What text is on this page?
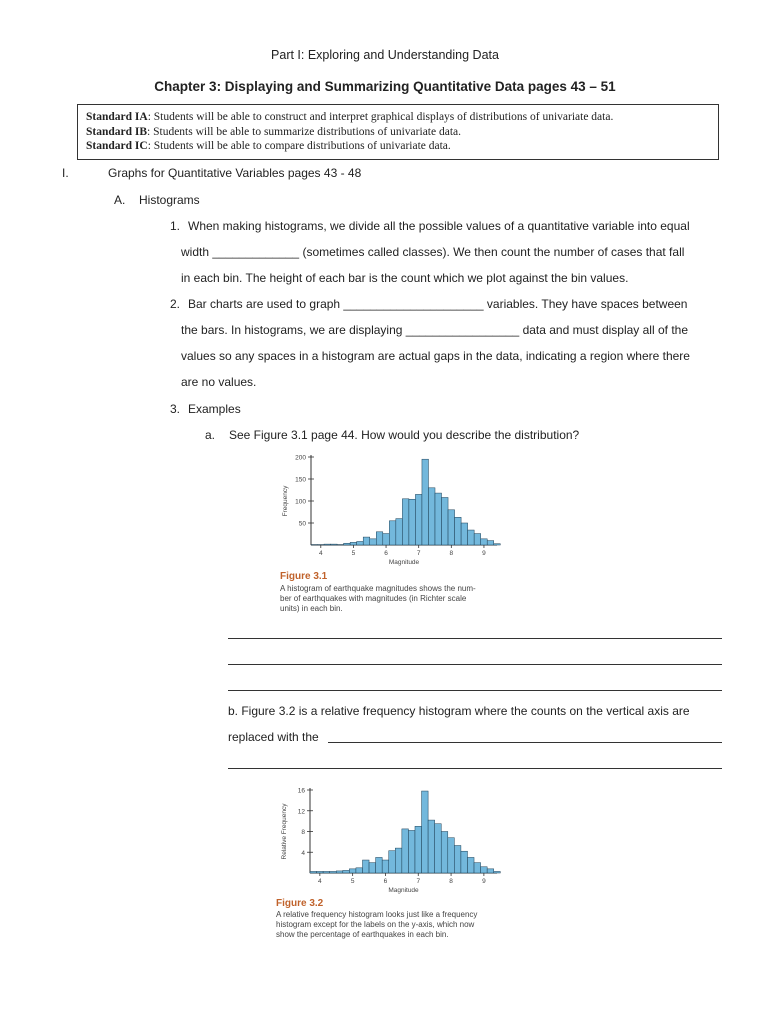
Part I: Exploring and Understanding Data
Chapter 3: Displaying and Summarizing Quantitative Data pages 43 – 51
Standard IA: Students will be able to construct and interpret graphical displays of distributions of univariate data.
Standard IB: Students will be able to summarize distributions of univariate data.
Standard IC: Students will be able to compare distributions of univariate data.
I.	Graphs for Quantitative Variables pages 43 - 48
A. Histograms
1. When making histograms, we divide all the possible values of a quantitative variable into equal
width _____________ (sometimes called classes). We then count the number of cases that fall
in each bin. The height of each bar is the count which we plot against the bin values.
2. Bar charts are used to graph _____________________ variables. They have spaces between
the bars. In histograms, we are displaying _________________ data and must display all of the
values so any spaces in a histogram are actual gaps in the data, indicating a region where there
are no values.
3. Examples
a. See Figure 3.1 page 44. How would you describe the distribution?
50
100
150
200
4	5	6	7	8	9
Magnitude
Frequency
Figure 3.1
A histogram of earthquake magnitudes shows the num-
ber of earthquakes with magnitudes (in Richter scale
units) in each bin.
b. Figure 3.2 is a relative frequency histogram where the counts on the vertical axis are
replaced with the
4
8
12
16
4	5	6	7	8	9
Magnitude
Relative Frequency
Figure 3.2
A relative frequency histogram looks just like a frequency
histogram except for the labels on the y-axis, which now
show the percentage of earthquakes in each bin.
